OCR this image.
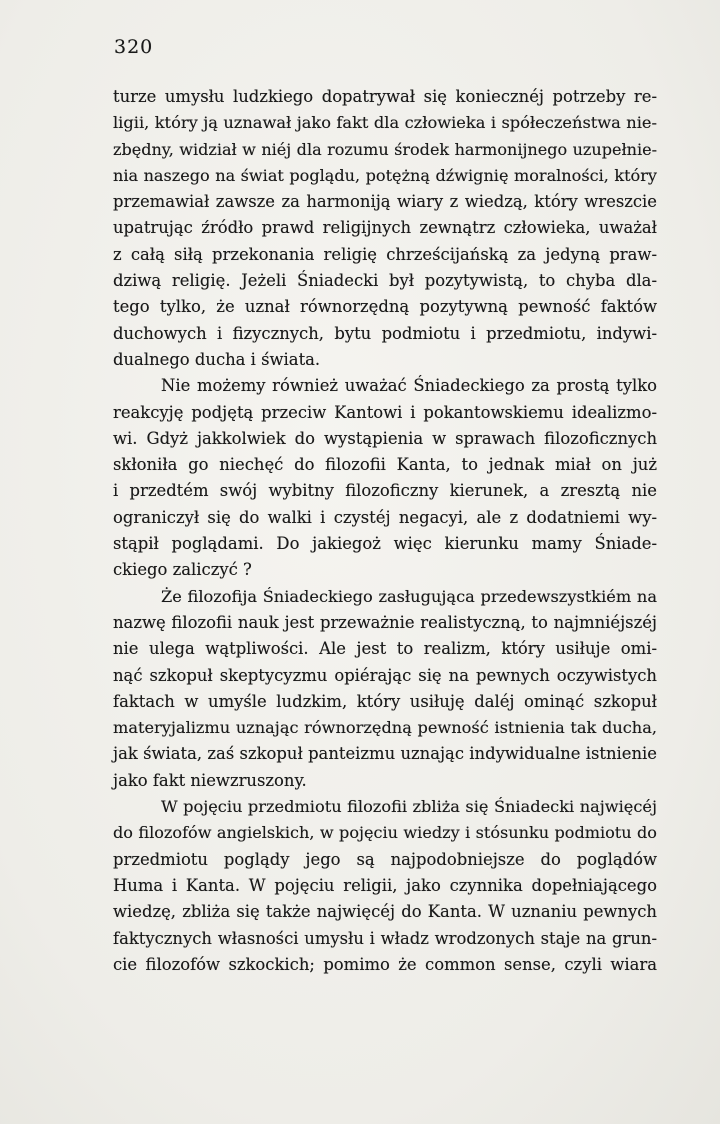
320
turze umysłu ludzkiego dopatrywał się koniecznéj potrzeby re-
ligii, który ją uznawał jako fakt dla człowieka i spółeczeństwa nie-
zbędny, widział w niéj dla rozumu środek harmonijnego uzupełnie-
nia naszego na świat poglądu, potężną dźwignię moralności, który
przemawiał zawsze za harmoniją wiary z wiedzą, który wreszcie
upatrując źródło prawd religijnych zewnątrz człowieka, uważał
z całą siłą przekonania religię chrześcijańską za jedyną praw-
dziwą religię. Jeżeli Śniadecki był pozytywistą, to chyba dla-
tego tylko, że uznał równorzędną pozytywną pewność faktów
duchowych i fizycznych, bytu podmiotu i przedmiotu, indywi-
dualnego ducha i świata.
Nie możemy również uważać Śniadeckiego za prostą tylko
reakcyję podjętą przeciw Kantowi i pokantowskiemu idealizmo-
wi. Gdyż jakkolwiek do wystąpienia w sprawach filozoficznych
skłoniła go niechęć do filozofii Kanta, to jednak miał on już
i przedtém swój wybitny filozoficzny kierunek, a zresztą nie
ograniczył się do walki i czystéj negacyi, ale z dodatniemi wy-
stąpił poglądami. Do jakiegoż więc kierunku mamy Śniade-
ckiego zaliczyć ?
Że filozofija Śniadeckiego zasługująca przedewszystkiém na
nazwę filozofii nauk jest przeważnie realistyczną, to najmniéjszéj
nie ulega wątpliwości. Ale jest to realizm, który usiłuje omi-
nąć szkopuł skeptycyzmu opiérając się na pewnych oczywistych
faktach w umyśle ludzkim, który usiłuję daléj ominąć szkopuł
materyjalizmu uznając równorzędną pewność istnienia tak ducha,
jak świata, zaś szkopuł panteizmu uznając indywidualne istnienie
jako fakt niewzruszony.
W pojęciu przedmiotu filozofii zbliża się Śniadecki najwięcéj
do filozofów angielskich, w pojęciu wiedzy i stósunku podmiotu do
przedmiotu poglądy jego są najpodobniejsze do poglądów
Huma i Kanta. W pojęciu religii, jako czynnika dopełniającego
wiedzę, zbliża się także najwięcéj do Kanta. W uznaniu pewnych
faktycznych własności umysłu i władz wrodzonych staje na grun-
cie filozofów szkockich; pomimo że common sense, czyli wiara
